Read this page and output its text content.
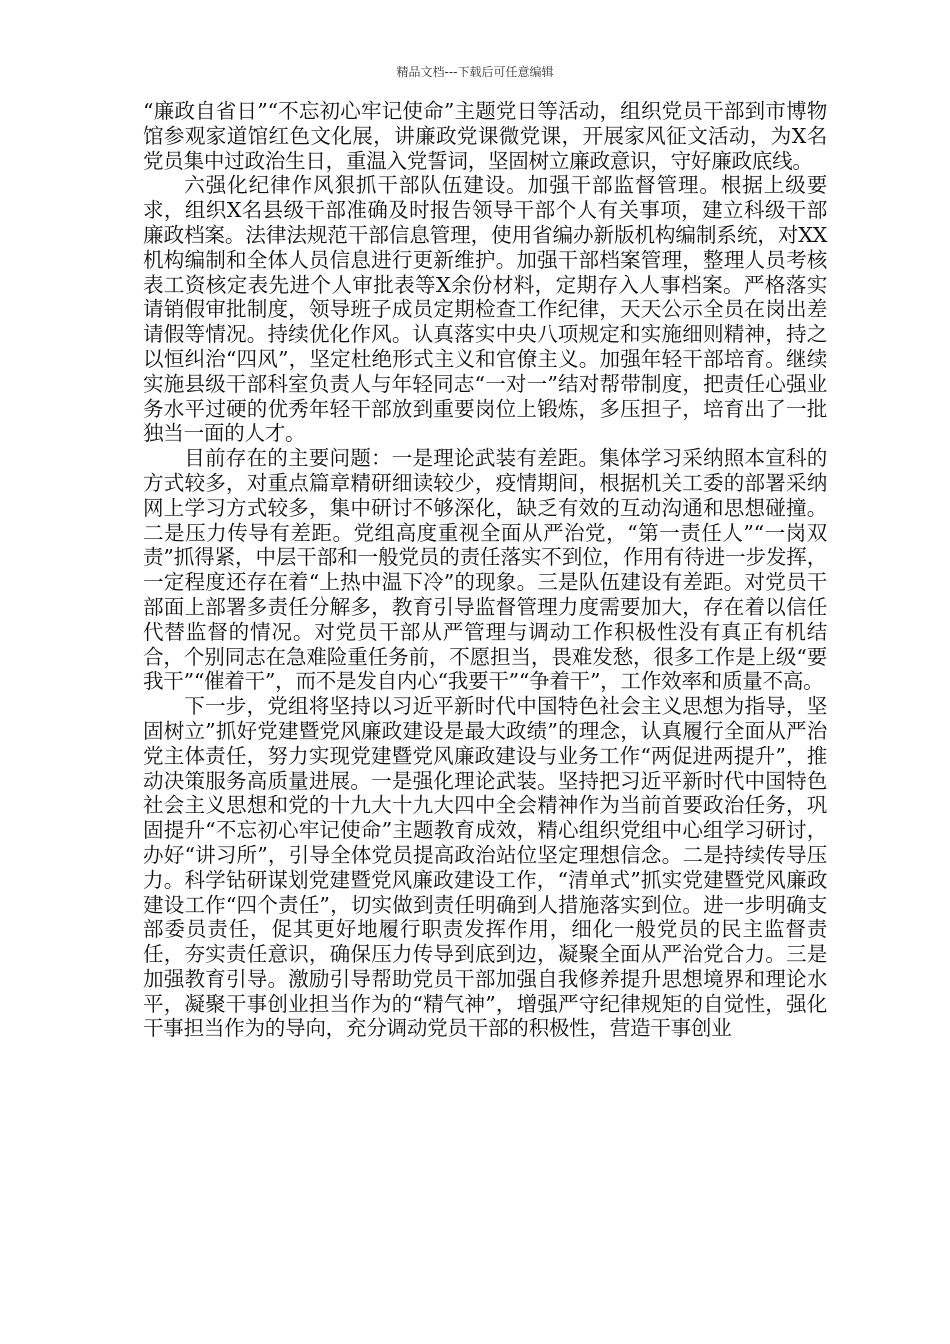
精品文档---下载后可任意编辑

“廉政自省日”“不忘初心牢记使命”主题党日等活动，组织党员干部到市博物馆参观家道馆红色文化展，讲廉政党课微党课，开展家风征文活动，为X名党员集中过政治生日，重温入党誓词，坚固树立廉政意识，守好廉政底线。

六强化纪律作风狠抓干部队伍建设。加强干部监督管理。根据上级要求，组织X名县级干部准确及时报告领导干部个人有关事项，建立科级干部廉政档案。法律法规范干部信息管理，使用省编办新版机构编制系统，对XX机构编制和全体人员信息进行更新维护。加强干部档案管理，整理人员考核表工资核定表先进个人审批表等X余份材料，定期存入人事档案。严格落实请销假审批制度，领导班子成员定期检查工作纪律，天天公示全员在岗出差请假等情况。持续优化作风。认真落实中央八项规定和实施细则精神，持之以恒纠治“四风”，坚定杜绝形式主义和官僚主义。加强年轻干部培育。继续实施县级干部科室负责人与年轻同志“一对一”结对帮带制度，把责任心强业务水平过硬的优秀年轻干部放到重要岗位上锻炼，多压担子，培育出了一批独当一面的人才。

目前存在的主要问题：一是理论武装有差距。集体学习采纳照本宣科的方式较多，对重点篇章精研细读较少，疫情期间，根据机关工委的部署采纳网上学习方式较多，集中研讨不够深化，缺乏有效的互动沟通和思想碰撞。二是压力传导有差距。党组高度重视全面从严治党，“第一责任人”“一岗双责”抓得紧，中层干部和一般党员的责任落实不到位，作用有待进一步发挥，一定程度还存在着“上热中温下冷”的现象。三是队伍建设有差距。对党员干部面上部署多责任分解多，教育引导监督管理力度需要加大，存在着以信任代替监督的情况。对党员干部从严管理与调动工作积极性没有真正有机结合，个别同志在急难险重任务前，不愿担当，畏难发愁，很多工作是上级“要我干”“催着干”，而不是发自内心“我要干”“争着干”，工作效率和质量不高。

下一步，党组将坚持以习近平新时代中国特色社会主义思想为指导，坚固树立”抓好党建暨党风廉政建设是最大政绩”的理念，认真履行全面从严治党主体责任，努力实现党建暨党风廉政建设与业务工作“两促进两提升”，推动决策服务高质量进展。一是强化理论武装。坚持把习近平新时代中国特色社会主义思想和党的十九大十九大四中全会精神作为当前首要政治任务，巩固提升“不忘初心牢记使命”主题教育成效，精心组织党组中心组学习研讨，办好“讲习所”，引导全体党员提高政治站位坚定理想信念。二是持续传导压力。科学钻研谋划党建暨党风廉政建设工作，“清单式”抓实党建暨党风廉政建设工作“四个责任”，切实做到责任明确到人措施落实到位。进一步明确支部委员责任，促其更好地履行职责发挥作用，细化一般党员的民主监督责任，夯实责任意识，确保压力传导到底到边，凝聚全面从严治党合力。三是加强教育引导。激励引导帮助党员干部加强自我修养提升思想境界和理论水平，凝聚干事创业担当作为的“精气神”，增强严守纪律规矩的自觉性，强化干事担当作为的导向，充分调动党员干部的积极性，营造干事创业
